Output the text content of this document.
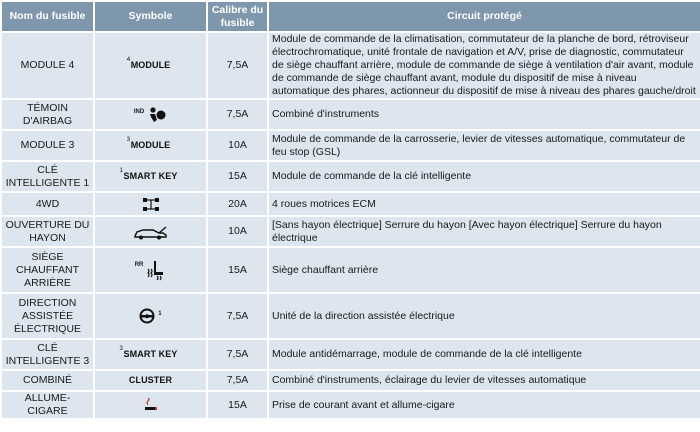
Nom du fusible	Symbole	Calibre du fusible	Circuit protégé
MODULE 4	4 MODULE	7,5A	Module de commande de la climatisation, commutateur de la planche de bord, rétroviseur électrochromatique, unité frontale de navigation et A/V, prise de diagnostic, commutateur de siège chauffant arrière, module de commande de siège à ventilation d'air avant, module de commande de siège chauffant avant, module du dispositif de mise à niveau automatique des phares, actionneur du dispositif de mise à niveau des phares gauche/droit
TÉMOIN D'AIRBAG	$^{IND}$	7,5A	Combiné d'instruments
MODULE 3	3 MODULE	10A	Module de commande de la carrosserie, levier de vitesses automatique, commutateur de feu stop (GSL)
CLÉ INTELLIGENTE 1	1 SMART KEY	15A	Module de commande de la clé intelligente
4WD		20A	4 roues motrices ECM
OUVERTURE DU HAYON		10A	[Sans hayon électrique] Serrure du hayon [Avec hayon électrique] Serrure du hayon électrique
SIÈGE CHAUFFANT ARRIÈRE	$^{RR}$	15A	Siège chauffant arrière
DIRECTION ASSISTÉE ÉLECTRIQUE	$^1$	7,5A	Unité de la direction assistée électrique
CLÉ INTELLIGENTE 3	3 SMART KEY	7,5A	Module antidémarrage, module de commande de la clé intelligente
COMBINÉ	CLUSTER	7,5A	Combiné d'instruments, éclairage du levier de vitesses automatique
ALLUME-CIGARE		15A	Prise de courant avant et allume-cigare
